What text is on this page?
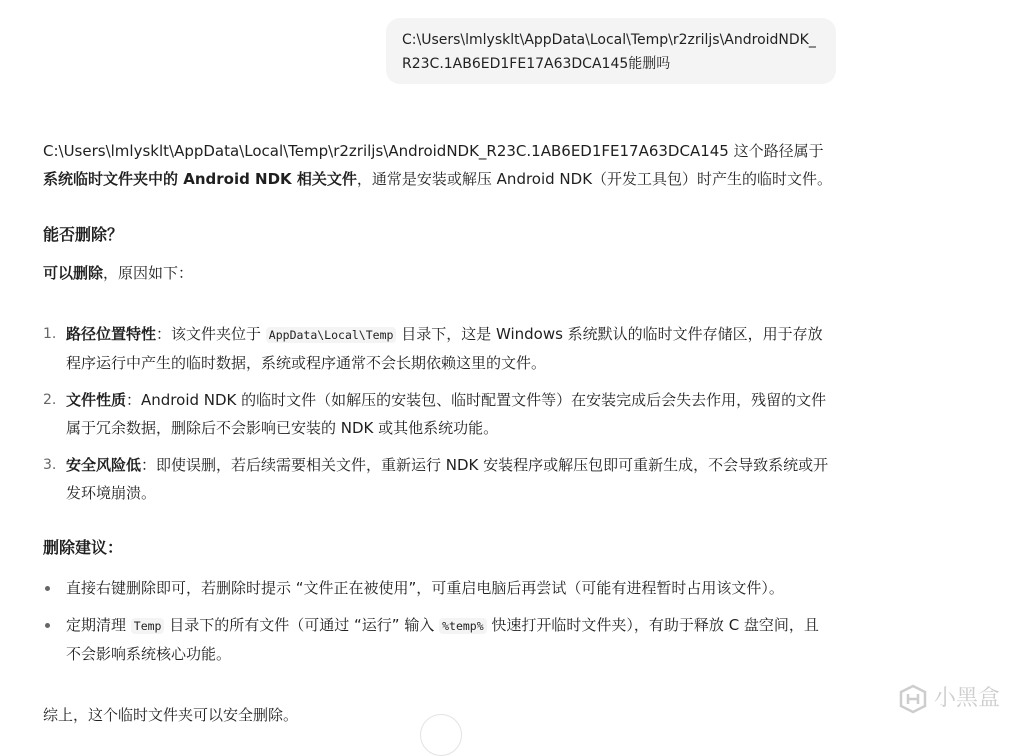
C:\Users\lmlysklt\AppData\Local\Temp\r2zriljs\AndroidNDK_R23C.1AB6ED1FE17A63DCA145能删吗

C:\Users\lmlysklt\AppData\Local\Temp\r2zriljs\AndroidNDK_R23C.1AB6ED1FE17A63DCA145 这个路径属于系统临时文件夹中的 Android NDK 相关文件，通常是安装或解压 Android NDK（开发工具包）时产生的临时文件。

能否删除？

可以删除，原因如下：

1. 路径位置特性：该文件夹位于 AppData\Local\Temp 目录下，这是 Windows 系统默认的临时文件存储区，用于存放程序运行中产生的临时数据，系统或程序通常不会长期依赖这里的文件。
2. 文件性质：Android NDK 的临时文件（如解压的安装包、临时配置文件等）在安装完成后会失去作用，残留的文件属于冗余数据，删除后不会影响已安装的 NDK 或其他系统功能。
3. 安全风险低：即使误删，若后续需要相关文件，重新运行 NDK 安装程序或解压包即可重新生成，不会导致系统或开发环境崩溃。
删除建议：
直接右键删除即可，若删除时提示 “文件正在被使用”，可重启电脑后再尝试（可能有进程暂时占用该文件）。
定期清理 Temp 目录下的所有文件（可通过 “运行” 输入 %temp% 快速打开临时文件夹），有助于释放 C 盘空间，且不会影响系统核心功能。

综上，这个临时文件夹可以安全删除。

小黑盒
